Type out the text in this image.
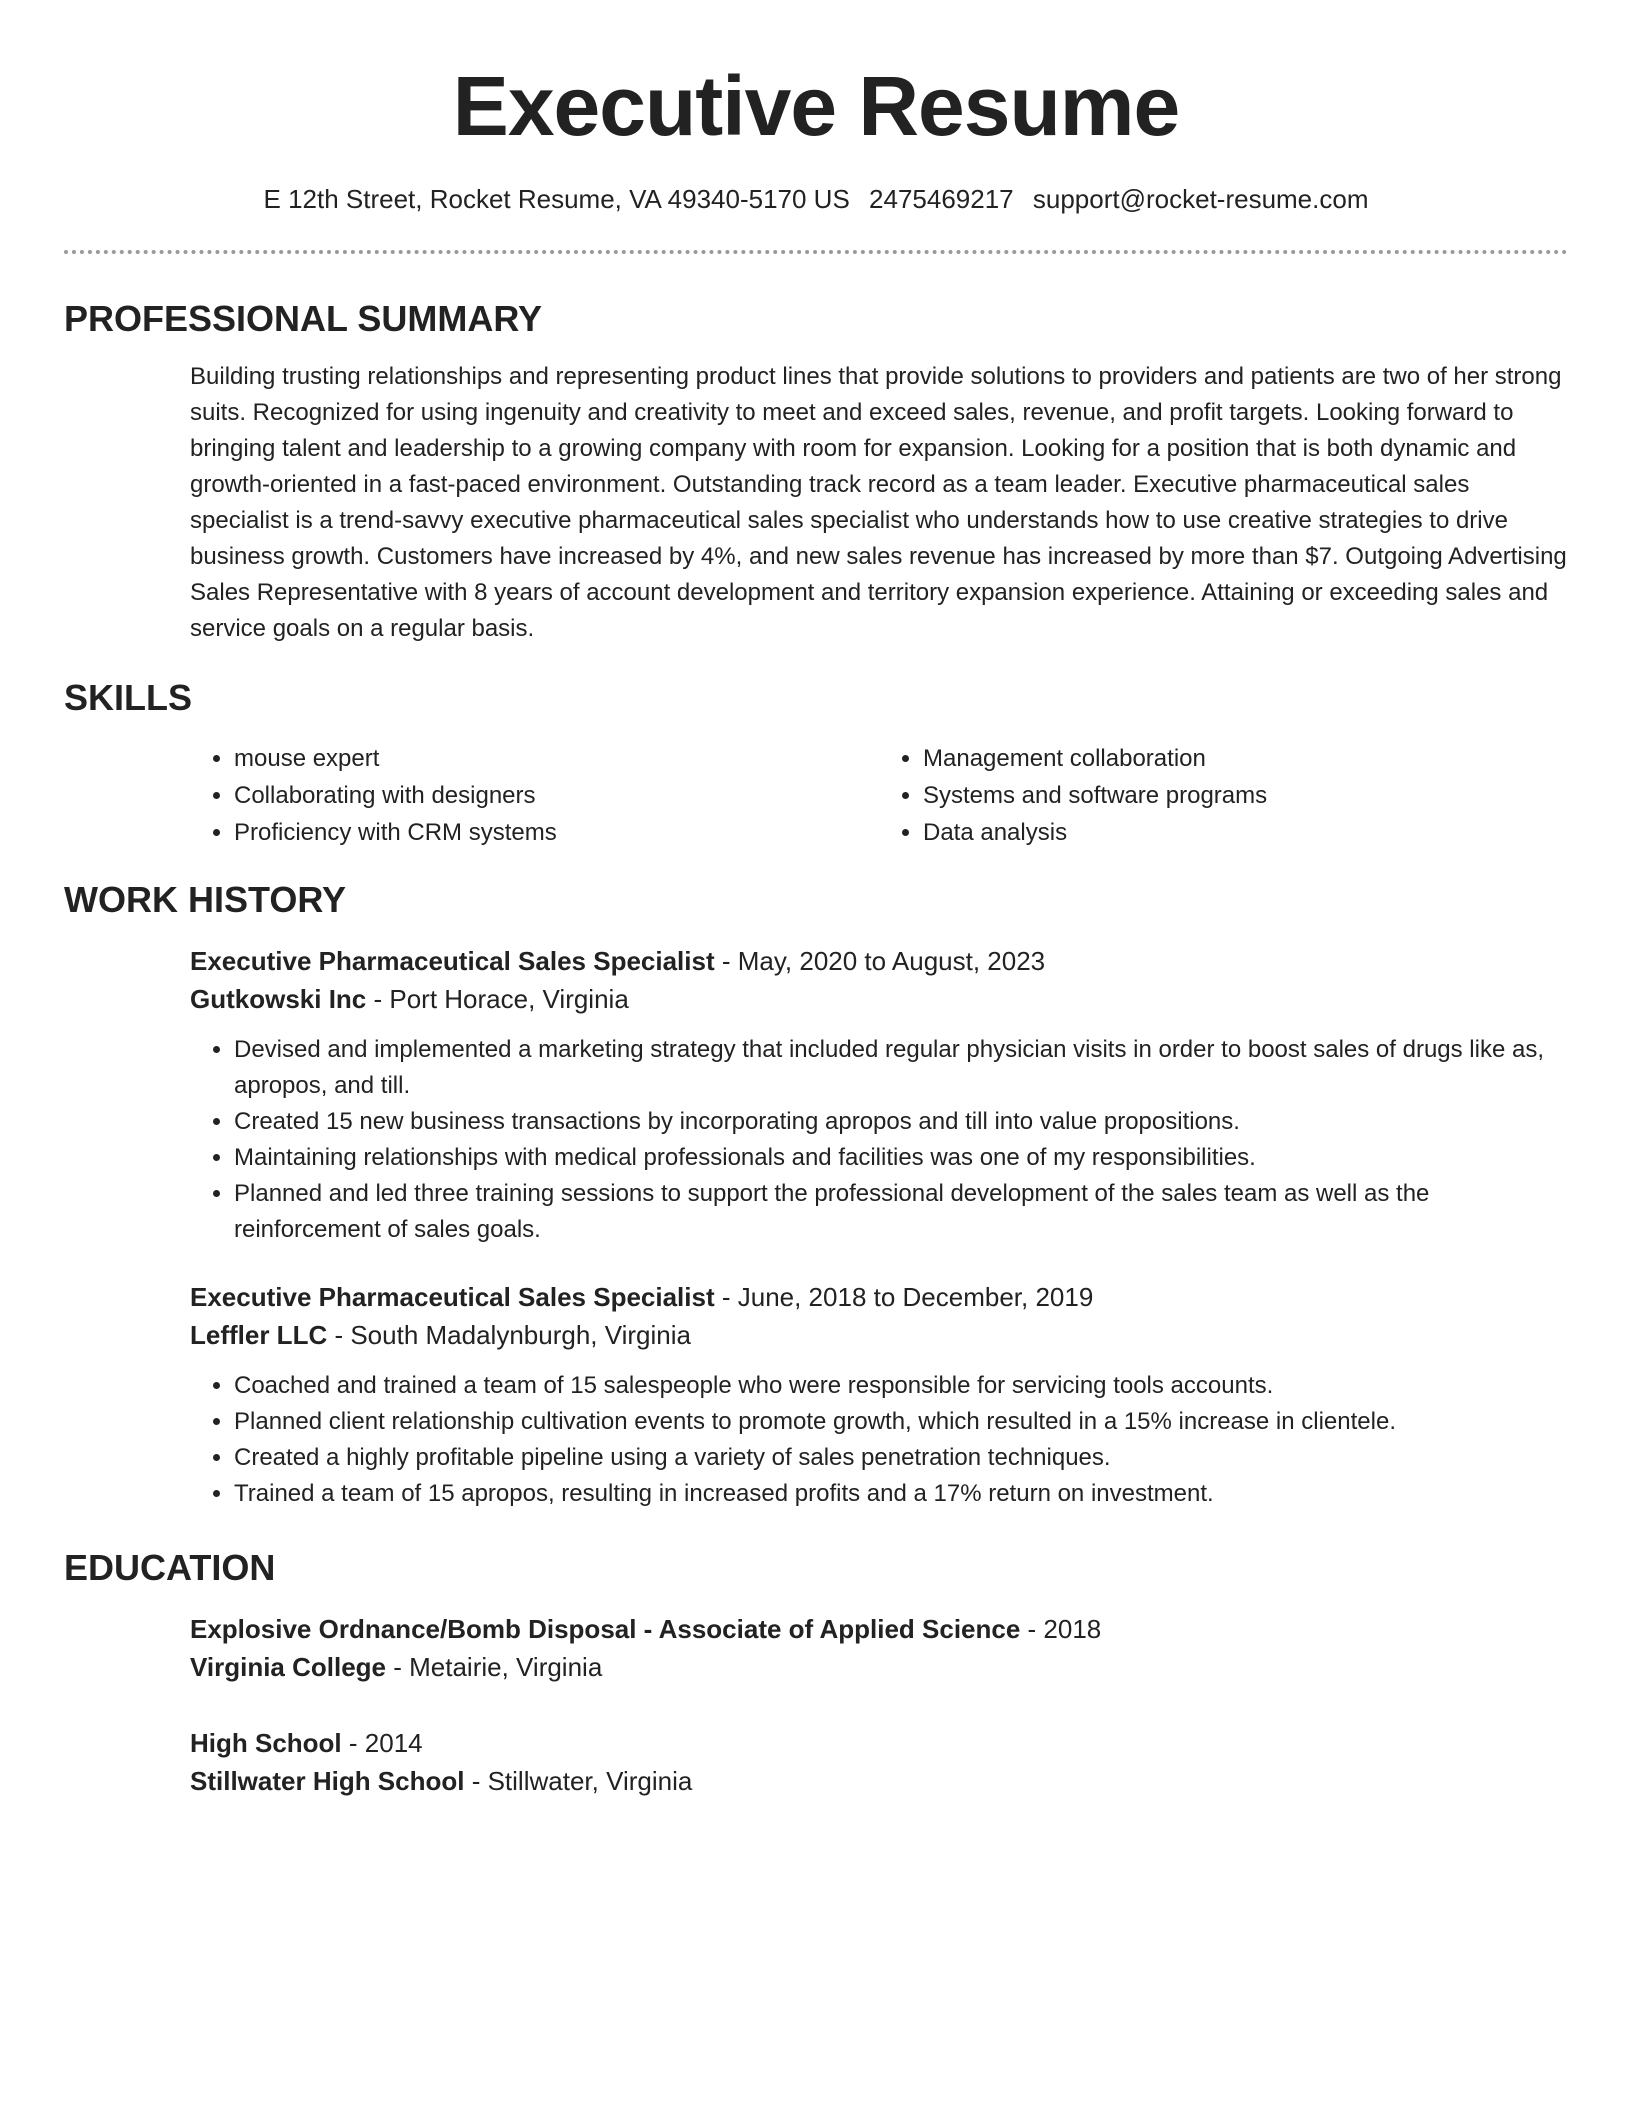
Executive Resume
E 12th Street, Rocket Resume, VA 49340-5170 US 2475469217 support@rocket-resume.com
PROFESSIONAL SUMMARY
Building trusting relationships and representing product lines that provide solutions to providers and patients are two of her strong suits. Recognized for using ingenuity and creativity to meet and exceed sales, revenue, and profit targets. Looking forward to bringing talent and leadership to a growing company with room for expansion. Looking for a position that is both dynamic and growth-oriented in a fast-paced environment. Outstanding track record as a team leader. Executive pharmaceutical sales specialist is a trend-savvy executive pharmaceutical sales specialist who understands how to use creative strategies to drive business growth. Customers have increased by 4%, and new sales revenue has increased by more than $7. Outgoing Advertising Sales Representative with 8 years of account development and territory expansion experience. Attaining or exceeding sales and service goals on a regular basis.
SKILLS
• mouse expert
• Collaborating with designers
• Proficiency with CRM systems
• Management collaboration
• Systems and software programs
• Data analysis
WORK HISTORY
Executive Pharmaceutical Sales Specialist - May, 2020 to August, 2023
Gutkowski Inc - Port Horace, Virginia
• Devised and implemented a marketing strategy that included regular physician visits in order to boost sales of drugs like as, apropos, and till.
• Created 15 new business transactions by incorporating apropos and till into value propositions.
• Maintaining relationships with medical professionals and facilities was one of my responsibilities.
• Planned and led three training sessions to support the professional development of the sales team as well as the reinforcement of sales goals.
Executive Pharmaceutical Sales Specialist - June, 2018 to December, 2019
Leffler LLC - South Madalynburgh, Virginia
• Coached and trained a team of 15 salespeople who were responsible for servicing tools accounts.
• Planned client relationship cultivation events to promote growth, which resulted in a 15% increase in clientele.
• Created a highly profitable pipeline using a variety of sales penetration techniques.
• Trained a team of 15 apropos, resulting in increased profits and a 17% return on investment.
EDUCATION
Explosive Ordnance/Bomb Disposal - Associate of Applied Science - 2018
Virginia College - Metairie, Virginia
High School - 2014
Stillwater High School - Stillwater, Virginia
